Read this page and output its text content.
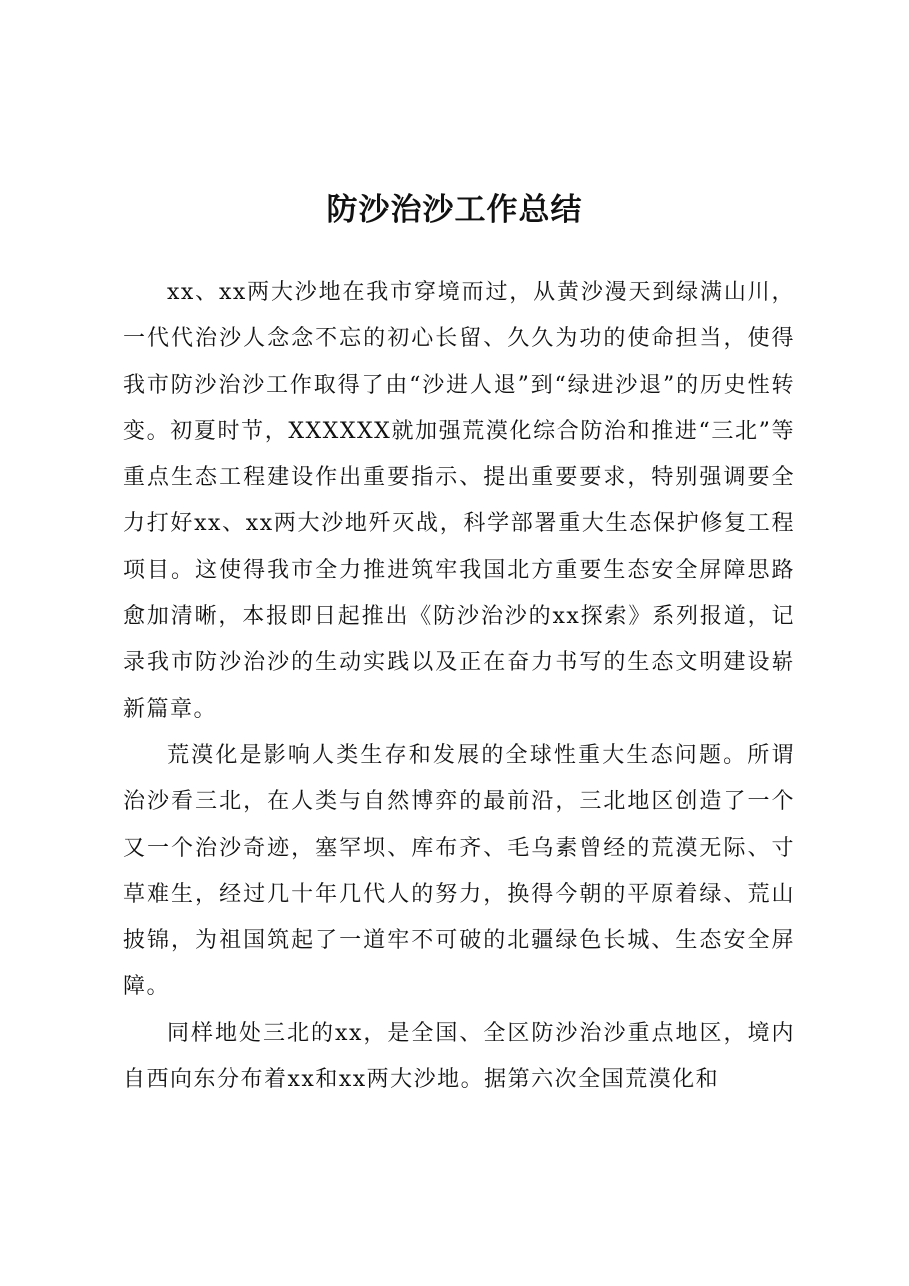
防沙治沙工作总结

xx、xx两大沙地在我市穿境而过，从黄沙漫天到绿满山川，一代代治沙人念念不忘的初心长留、久久为功的使命担当，使得我市防沙治沙工作取得了由“沙进人退”到“绿进沙退”的历史性转变。初夏时节，XXXXXX就加强荒漠化综合防治和推进“三北”等重点生态工程建设作出重要指示、提出重要要求，特别强调要全力打好xx、xx两大沙地歼灭战，科学部署重大生态保护修复工程项目。这使得我市全力推进筑牢我国北方重要生态安全屏障思路愈加清晰，本报即日起推出《防沙治沙的xx探索》系列报道，记录我市防沙治沙的生动实践以及正在奋力书写的生态文明建设崭新篇章。

荒漠化是影响人类生存和发展的全球性重大生态问题。所谓治沙看三北，在人类与自然博弈的最前沿，三北地区创造了一个又一个治沙奇迹，塞罕坝、库布齐、毛乌素曾经的荒漠无际、寸草难生，经过几十年几代人的努力，换得今朝的平原着绿、荒山披锦，为祖国筑起了一道牢不可破的北疆绿色长城、生态安全屏障。

同样地处三北的xx，是全国、全区防沙治沙重点地区，境内自西向东分布着xx和xx两大沙地。据第六次全国荒漠化和
